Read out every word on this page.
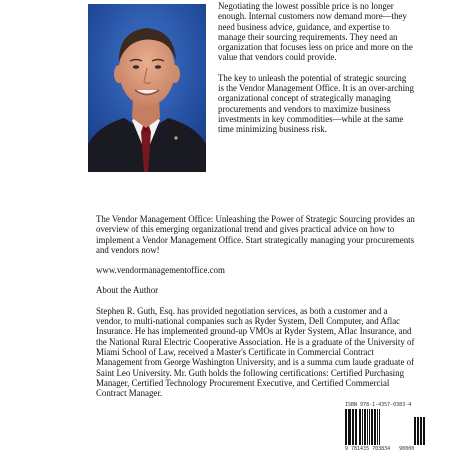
Negotiating the lowest possible price is no longer enough. Internal customers now demand more—they need business advice, guidance, and expertise to manage their sourcing requirements. They need an organization that focuses less on price and more on the value that vendors could provide.

The key to unleash the potential of strategic sourcing is the Vendor Management Office. It is an over-arching organizational concept of strategically managing procurements and vendors to maximize business investments in key commodities—while at the same time minimizing business risk.

The Vendor Management Office: Unleashing the Power of Strategic Sourcing provides an overview of this emerging organizational trend and gives practical advice on how to implement a Vendor Management Office. Start strategically managing your procurements and vendors now!

www.vendormanagementoffice.com

About the Author

Stephen R. Guth, Esq. has provided negotiation services, as both a customer and a vendor, to multi-national companies such as Ryder System, Dell Computer, and Aflac Insurance. He has implemented ground-up VMOs at Ryder System, Aflac Insurance, and the National Rural Electric Cooperative Association. He is a graduate of the University of Miami School of Law, received a Master's Certificate in Commercial Contract Management from George Washington University, and is a summa cum laude graduate of Saint Leo University. Mr. Guth holds the following certifications: Certified Purchasing Manager, Certified Technology Procurement Executive, and Certified Commercial Contract Manager.

ISBN 978-1-4357-0383-4
9 781435 703834 90000
